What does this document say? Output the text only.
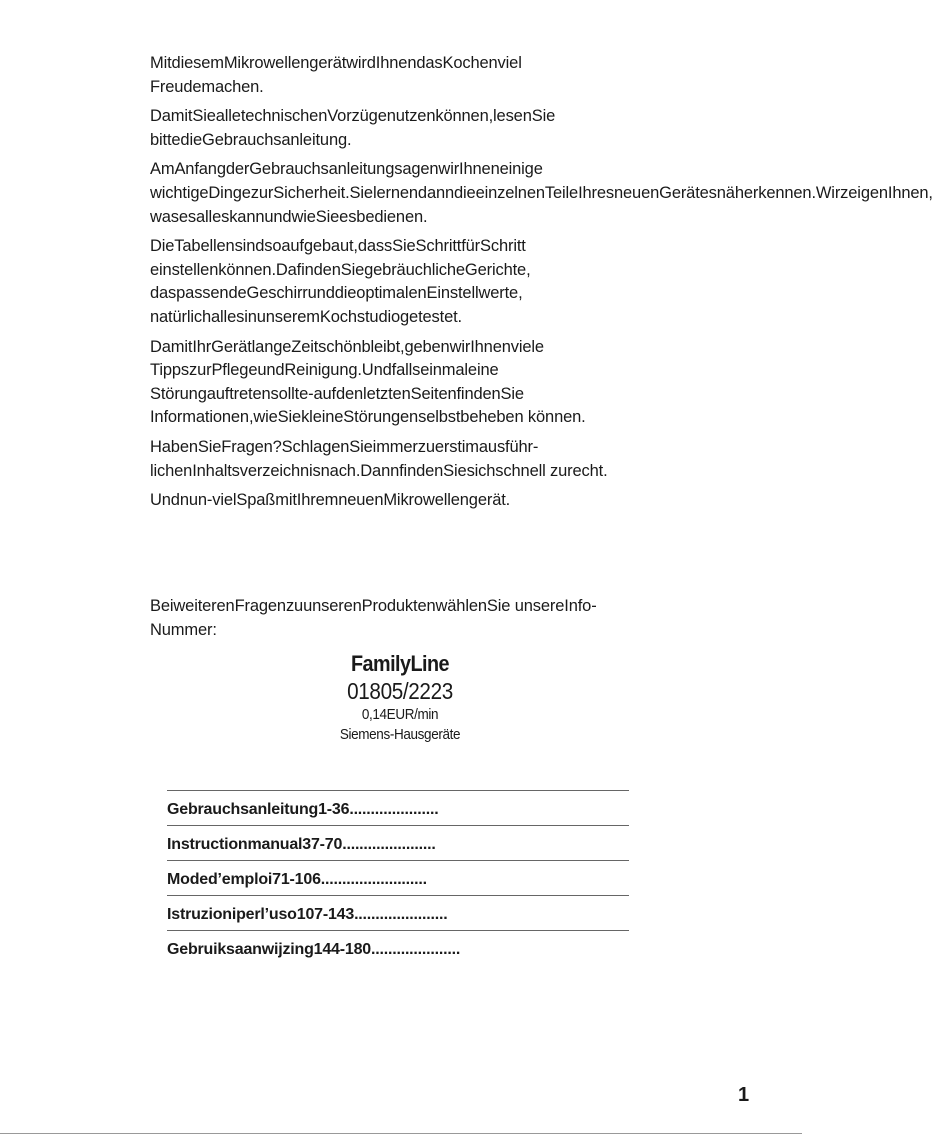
MitdiesemMikrowellengerätwirdIhnendasKochenviel Freudemachen.

DamitSiealletechnischenVorzügenutzenkönnen,lesenSie bittedieGebrauchsanleitung.

AmAnfangderGebrauchsanleitungsagenwirIhneneinige wichtigeDingezurSicherheit.SielernendanndieeinzelnenTeileIhresneuenGerätesnäherkennen.WirzeigenIhnen, wasesalleskannundwieSieesbedienen.

DieTabellensindsoaufgebaut,dassSieSchrittfürSchritt einstellenkönnen.DafindenSiegebräuchlicheGerichte, daspassendeGeschirrunddieoptimalenEinstellwerte, natürlichallesinunseremKochstudiogetestet.

DamitIhrGerätlangeZeitschönbleibt,gebenwirIhnenviele TippszurPflegeundReinigung.Undfallseinmaleine Störungauftretensollte-aufdenletztenSeitenfindenSie Informationen,wieSiekleineStörungenselbstbeheben können.

HabenSieFragen?SchlagenSieimmerzuerstimausführ- lichenInhaltsverzeichnisnach.DannfindenSiesichschnell zurecht.

Undnun-vielSpaßmitIhremneuenMikrowellengerät.

BeiweiterenFragenzuunserenProduktenwählenSie unsereInfo-Nummer:

FamilyLine
01805/2223
0,14EUR/min
Siemens-Hausgeräte
Gebrauchsanleitung1-36.....................
Instructionmanual37-70......................
Moded’emploi71-106.........................
Istruzioniperl’uso107-143......................
Gebruiksaanwijzing144-180.....................
1
